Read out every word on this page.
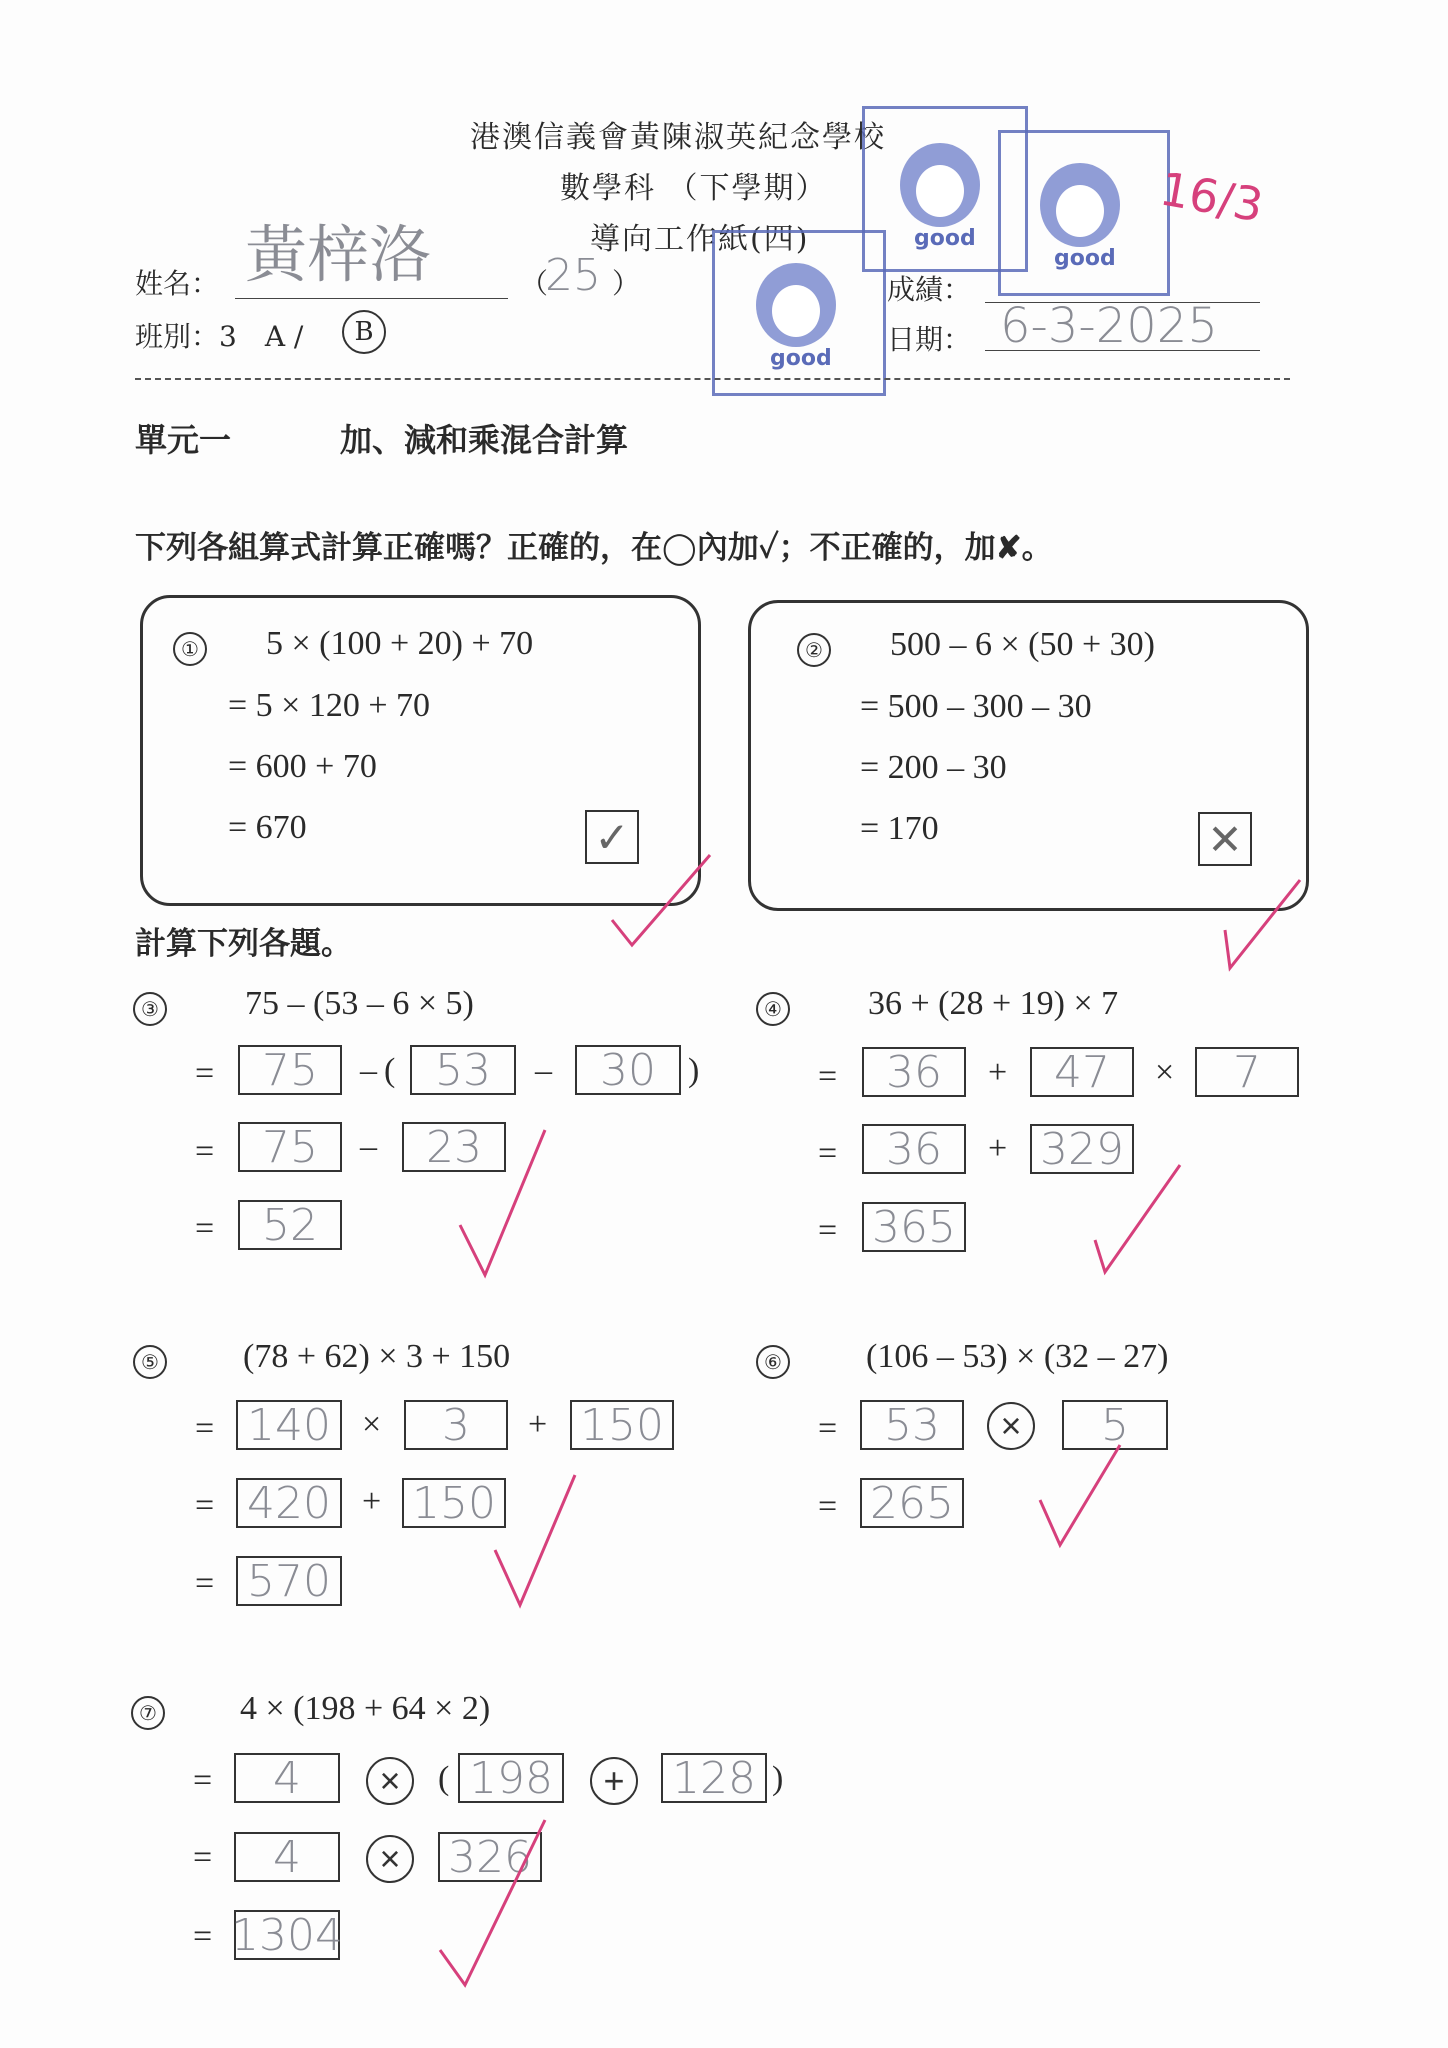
港澳信義會黃陳淑英紀念學校
數學科 （下學期）
導向工作紙(四)	good
good
good
16/3
姓名： 黃梓洛	（
25 ）
班別：3　A /	B
成績：
日期： 6-3-2025
單元一	加、減和乘混合計算
下列各組算式計算正確嗎？正確的，在◯內加✓；不正確的，加✘。
① 5 × (100 + 20) + 70
= 5 × 120 + 70
= 600 + 70
= 670	✓
② 500 – 6 × (50 + 30)
= 500 – 300 – 30
= 200 – 30
= 170	✕
計算下列各題。
③	75 – (53 – 6 × 5)
=	75	– ( 53	–	30 )
=	75	–	23
=	52
④	36 + (28 + 19) × 7
=	36	+	47	×	7
=	36	+ 329
= 365
⑤ (78 + 62) × 3 + 150
= 140 ×	3	+ 150
= 420 + 150
= 570
⑥ (106 – 53) × (32 – 27)
=	53	×	5
= 265
⑦ 4 × (198 + 64 × 2)
=	4	×	( 198	+	128 )
=	4	×	326
= 1304
